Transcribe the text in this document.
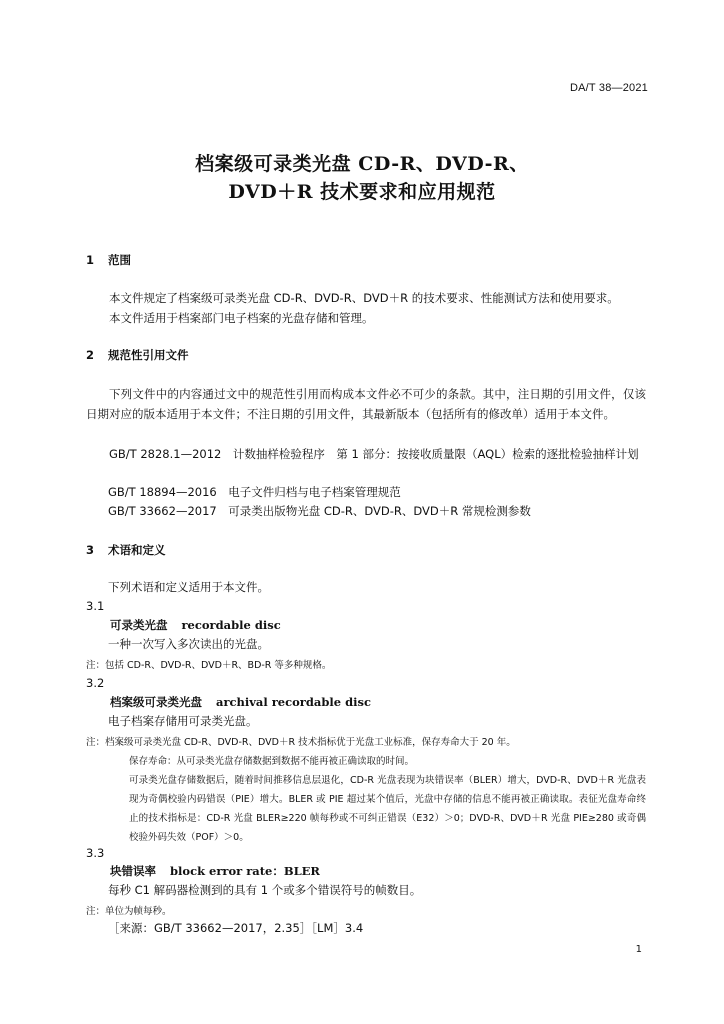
DA/T 38—2021
档案级可录类光盘 CD-R、DVD-R、
DVD＋R 技术要求和应用规范
1 范围
本文件规定了档案级可录类光盘 CD-R、DVD-R、DVD＋R 的技术要求、性能测试方法和使用要求。
本文件适用于档案部门电子档案的光盘存储和管理。
2 规范性引用文件
下列文件中的内容通过文中的规范性引用而构成本文件必不可少的条款。其中，注日期的引用文件，仅该日期对应的版本适用于本文件；不注日期的引用文件，其最新版本（包括所有的修改单）适用于本文件。
GB/T 2828.1—2012　计数抽样检验程序　第 1 部分：按接收质量限（AQL）检索的逐批检验抽样计划
GB/T 18894—2016　电子文件归档与电子档案管理规范
GB/T 33662—2017　可录类出版物光盘 CD-R、DVD-R、DVD＋R 常规检测参数
3 术语和定义
下列术语和定义适用于本文件。
3.1
可录类光盘 recordable disc
一种一次写入多次读出的光盘。
注：包括 CD-R、DVD-R、DVD＋R、BD-R 等多种规格。
3.2
档案级可录类光盘 archival recordable disc
电子档案存储用可录类光盘。
注：档案级可录类光盘 CD-R、DVD-R、DVD＋R 技术指标优于光盘工业标准，保存寿命大于 20 年。
保存寿命：从可录类光盘存储数据到数据不能再被正确读取的时间。
可录类光盘存储数据后，随着时间推移信息层退化，CD-R 光盘表现为块错误率（BLER）增大，DVD-R、DVD＋R 光盘表现为奇偶校验内码错误（PIE）增大。BLER 或 PIE 超过某个值后，光盘中存储的信息不能再被正确读取。表征光盘寿命终止的技术指标是：CD-R 光盘 BLER≥220 帧每秒或不可纠正错误（E32）＞0；DVD-R、DVD＋R 光盘 PIE≥280 或奇偶校验外码失效（POF）＞0。
3.3
块错误率 block error rate：BLER
每秒 C1 解码器检测到的具有 1 个或多个错误符号的帧数目。
注：单位为帧每秒。
［来源：GB/T 33662—2017，2.35］［LM］3.4
1
